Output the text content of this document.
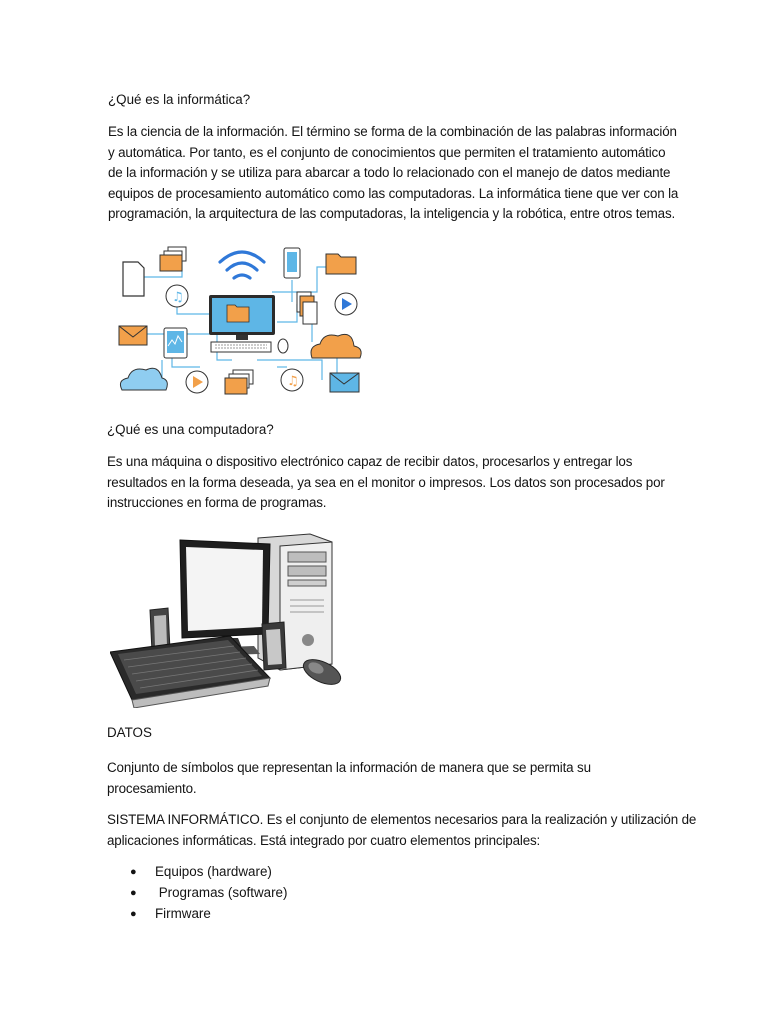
¿Qué es la informática?

Es la ciencia de la información. El término se forma de la combinación de las palabras información

y automática. Por tanto, es el conjunto de conocimientos que permiten el tratamiento automático

de la información y se utiliza para abarcar a todo lo relacionado con el manejo de datos mediante

equipos de procesamiento automático como las computadoras. La informática tiene que ver con la

programación, la arquitectura de las computadoras, la inteligencia y la robótica, entre otros temas.

♫
♫

¿Qué es una computadora?

Es una máquina o dispositivo electrónico capaz de recibir datos, procesarlos y entregar los

resultados en la forma deseada, ya sea en el monitor o impresos. Los datos son procesados por

instrucciones en forma de programas.

DATOS

Conjunto de símbolos que representan la información de manera que se permita su

procesamiento.

SISTEMA INFORMÁTICO. Es el conjunto de elementos necesarios para la realización y utilización de

aplicaciones informáticas. Está integrado por cuatro elementos principales:

● Equipos (hardware)
● Programas (software)
● Firmware
